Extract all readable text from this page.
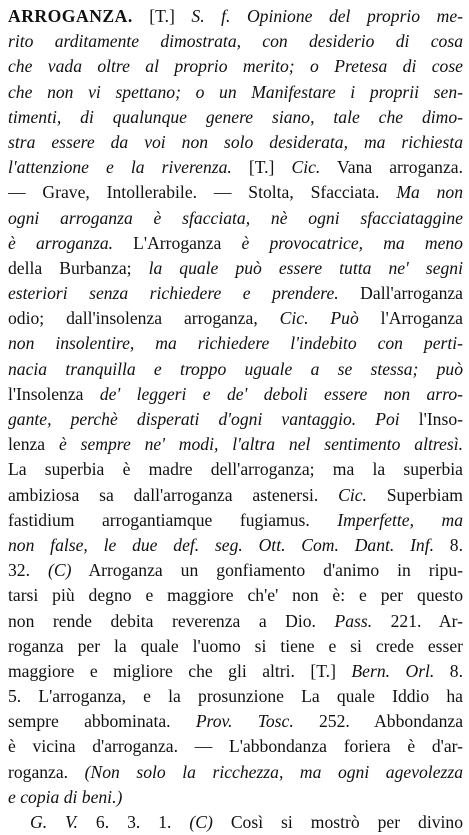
ARROGANZA. [T.] S. f. Opinione del proprio me-
rito arditamente dimostrata, con desiderio di cosa
che vada oltre al proprio merito; o Pretesa di cose
che non vi spettano; o un Manifestare i proprii sen-
timenti, di qualunque genere siano, tale che dimo-
stra essere da voi non solo desiderata, ma richiesta
l'attenzione e la riverenza. [T.] Cic. Vana arroganza.
— Grave, Intollerabile. — Stolta, Sfacciata. Ma non
ogni arroganza è sfacciata, nè ogni sfacciataggine
è arroganza. L'Arroganza è provocatrice, ma meno
della Burbanza; la quale può essere tutta ne' segni
esteriori senza richiedere e prendere. Dall'arroganza
odio; dall'insolenza arroganza, Cic. Può l'Arroganza
non insolentire, ma richiedere l'indebito con perti-
nacia tranquilla e troppo uguale a se stessa; può
l'Insolenza de' leggeri e de' deboli essere non arro-
gante, perchè disperati d'ogni vantaggio. Poi l'Inso-
lenza è sempre ne' modi, l'altra nel sentimento altresì.
La superbia è madre dell'arroganza; ma la superbia
ambiziosa sa dall'arroganza astenersi. Cic. Superbiam
fastidium arrogantiamque fugiamus. Imperfette, ma
non false, le due def. seg. Ott. Com. Dant. Inf. 8.
32. (C) Arroganza un gonfiamento d'animo in ripu-
tarsi più degno e maggiore ch'e' non è: e per questo
non rende debita reverenza a Dio. Pass. 221. Ar-
roganza per la quale l'uomo si tiene e si crede esser
maggiore e migliore che gli altri. [T.] Bern. Orl. 8.
5. L'arroganza, e la prosunzione La quale Iddio ha
sempre abbominata. Prov. Tosc. 252. Abbondanza
è vicina d'arroganza. — L'abbondanza foriera è d'ar-
roganza. (Non solo la ricchezza, ma ogni agevolezza
e copia di beni.)
G. V. 6. 3. 1. (C) Così si mostrò per divino
